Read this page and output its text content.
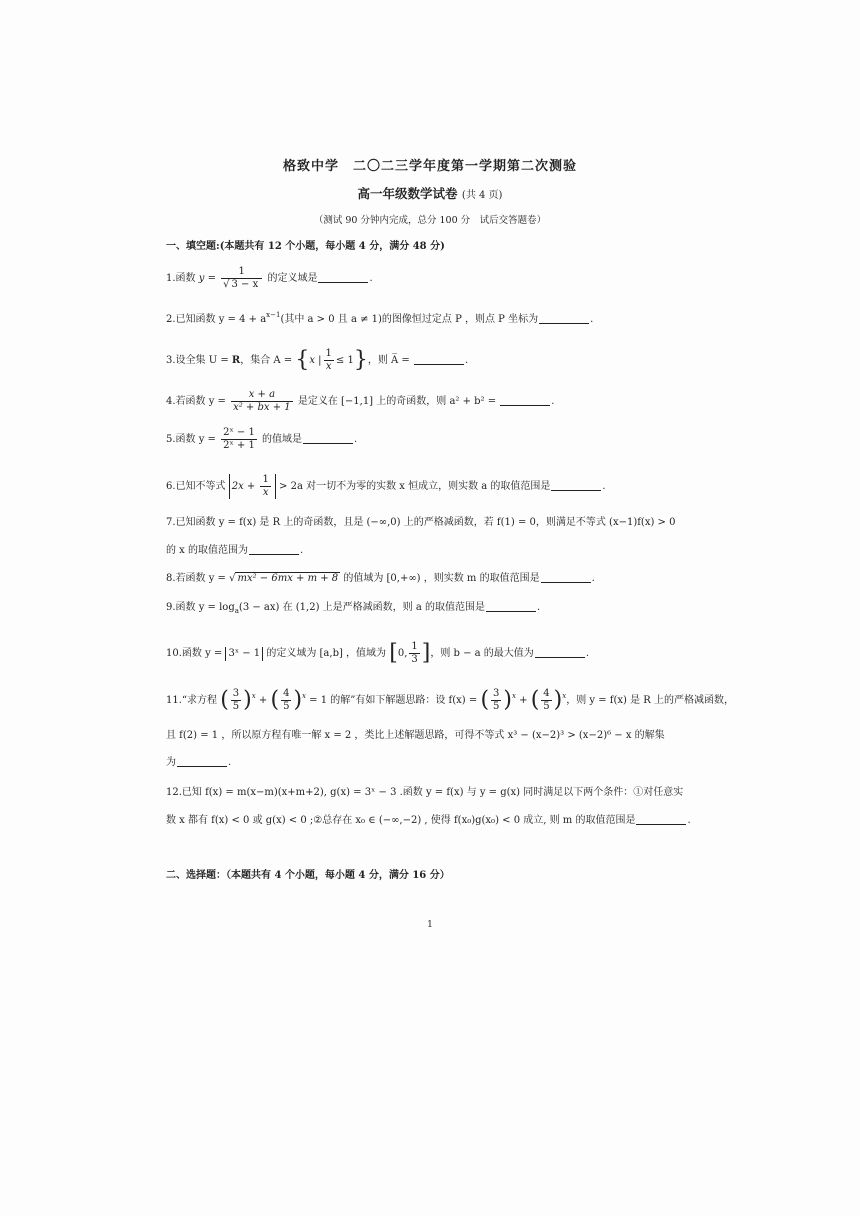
格致中学　二〇二三学年度第一学期第二次测验
高一年级数学试卷 (共 4 页)
（测试 90 分钟内完成，总分 100 分　试后交答题卷）
一、填空题:(本题共有 12 个小题，每小题 4 分，满分 48 分)
1.函数 $y = \frac{1}{√ 3 - x}$ 的定义域是	.
2.已知函数 $y = 4 + a^{x-1}$(其中 a > 0 且 a ≠ 1)的图像恒过定点 P ，则点 P 坐标为	.
3.设全集 U = R，集合 A = {x | $\frac{1}{x} \le 1$}，则 A̅ =	.
4.若函数 $y = \frac{x + a}{\text{x² + bx + 1}}$ 是定义在 [−1,1] 上的奇函数，则 a² + b² =	.
5.函数 $y = \frac{\text{2ˣ − 1}}{\text{2ˣ + 1}}$ 的值域是	.
6.已知不等式 $2x + \frac{1}{x} > 2a$ 对一切不为零的实数 x 恒成立，则实数 a 的取值范围是	.
7.已知函数 y = f(x) 是 R 上的奇函数，且是 (−∞,0) 上的严格减函数，若 f(1) = 0，则满足不等式 (x−1)f(x) > 0
的 x 的取值范围为	.
8.若函数 y = √ mx² − 6mx + m + 8 的值域为 [0,+∞) ，则实数 m 的取值范围是	.
9.函数 $y = \log_a(3 - ax)$ 在 (1,2) 上是严格减函数，则 a 的取值范围是	.
10.函数 y = 3ˣ − 1 的定义域为 [a,b] ，值域为 [0, $\frac{1}{3}$ ]，则 b − a 的最大值为	.
11.“求方程 ( $\frac{3}{5} )^x$ + ( $\frac{4}{5} )^x = 1$ 的解”有如下解题思路：设 f(x) = ( $\frac{3}{5} )^x$ + ( $\frac{4}{5} )^x$，则 y = f(x) 是 R 上的严格减函数，
且 f(2) = 1 ，所以原方程有唯一解 x = 2 ，类比上述解题思路，可得不等式 x³ − (x−2)³ > (x−2)⁶ − x 的解集
为	.
12.已知 f(x) = m(x−m)(x+m+2), g(x) = 3ˣ − 3 .函数 y = f(x) 与 y = g(x) 同时满足以下两个条件：①对任意实
数 x 都有 f(x) < 0 或 g(x) < 0 ;②总存在 x₀ ∈ (−∞,−2) , 使得 f(x₀)g(x₀) < 0 成立, 则 m 的取值范围是	.
二、选择题：（本题共有 4 个小题，每小题 4 分，满分 16 分）
1
